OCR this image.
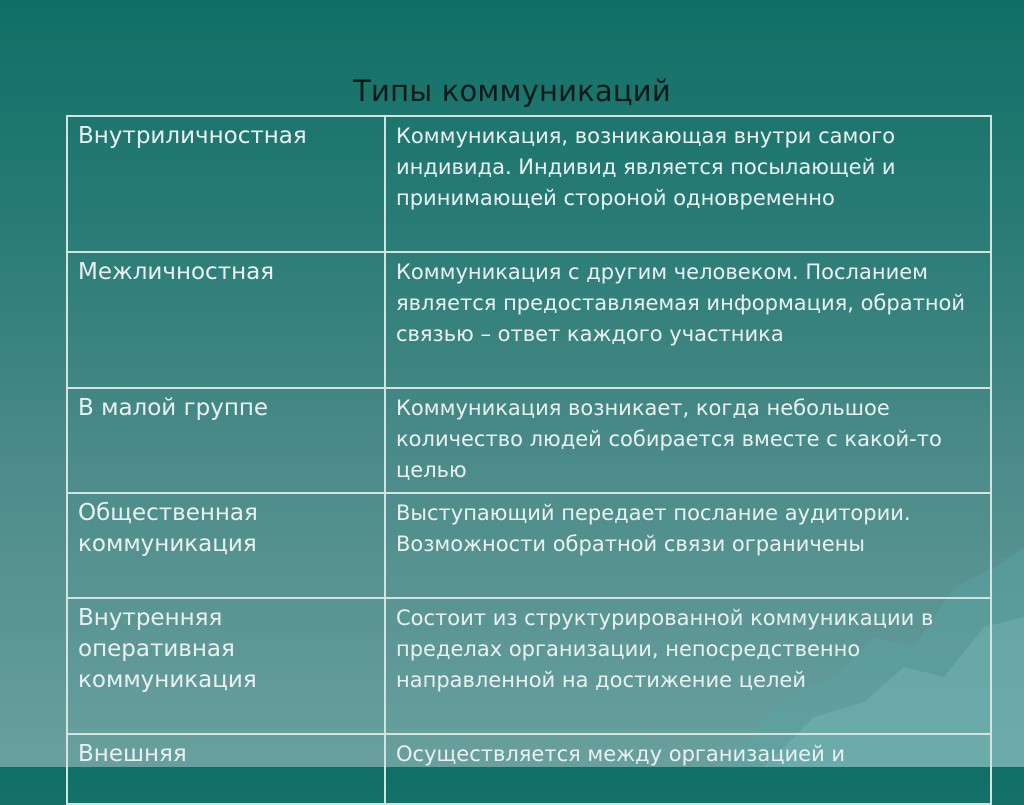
Типы коммуникаций
Внутриличностная	Коммуникация, возникающая внутри самого индивида. Индивид является посылающей и принимающей стороной одновременно
Межличностная	Коммуникация с другим человеком. Посланием является предоставляемая информация, обратной связью – ответ каждого участника
В малой группе	Коммуникация возникает, когда небольшое количество людей собирается вместе с какой-то целью
Общественная коммуникация	Выступающий передает послание аудитории. Возможности обратной связи ограничены
Внутренняя оперативная коммуникация	Состоит из структурированной коммуникации в пределах организации, непосредственно направленной на достижение целей
Внешняя	Осуществляется между организацией и
